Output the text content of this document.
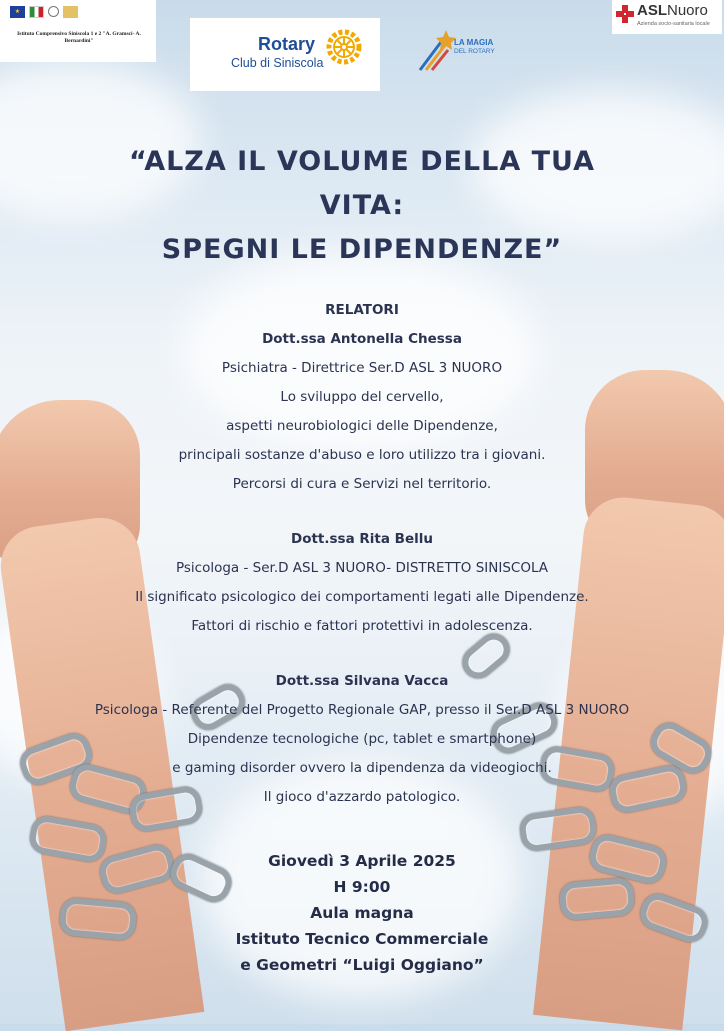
★
Istituto Comprensivo Siniscola 1 e 2 "A. Gramsci- A. Bernardini"	Rotary
Club di Siniscola
LA MAGIA
DEL ROTARY
ASLNuoro
Azienda socio-sanitaria locale
“ALZA IL VOLUME DELLA TUA
VITA:
SPEGNI LE DIPENDENZE”
RELATORI
Dott.ssa Antonella Chessa
Psichiatra - Direttrice Ser.D ASL 3 NUORO
Lo sviluppo del cervello,
aspetti neurobiologici delle Dipendenze,
principali sostanze d'abuso e loro utilizzo tra i giovani.
Percorsi di cura e Servizi nel territorio.
Dott.ssa Rita Bellu
Psicologa - Ser.D ASL 3 NUORO- DISTRETTO SINISCOLA
Il significato psicologico dei comportamenti legati alle Dipendenze.
Fattori di rischio e fattori protettivi in adolescenza.
Dott.ssa Silvana Vacca
Psicologa - Referente del Progetto Regionale GAP, presso il Ser.D ASL 3 NUORO
Dipendenze tecnologiche (pc, tablet e smartphone)
e gaming disorder ovvero la dipendenza da videogiochi.
Il gioco d'azzardo patologico.
Giovedì 3 Aprile 2025
H 9:00
Aula magna
Istituto Tecnico Commerciale
e Geometri “Luigi Oggiano”
